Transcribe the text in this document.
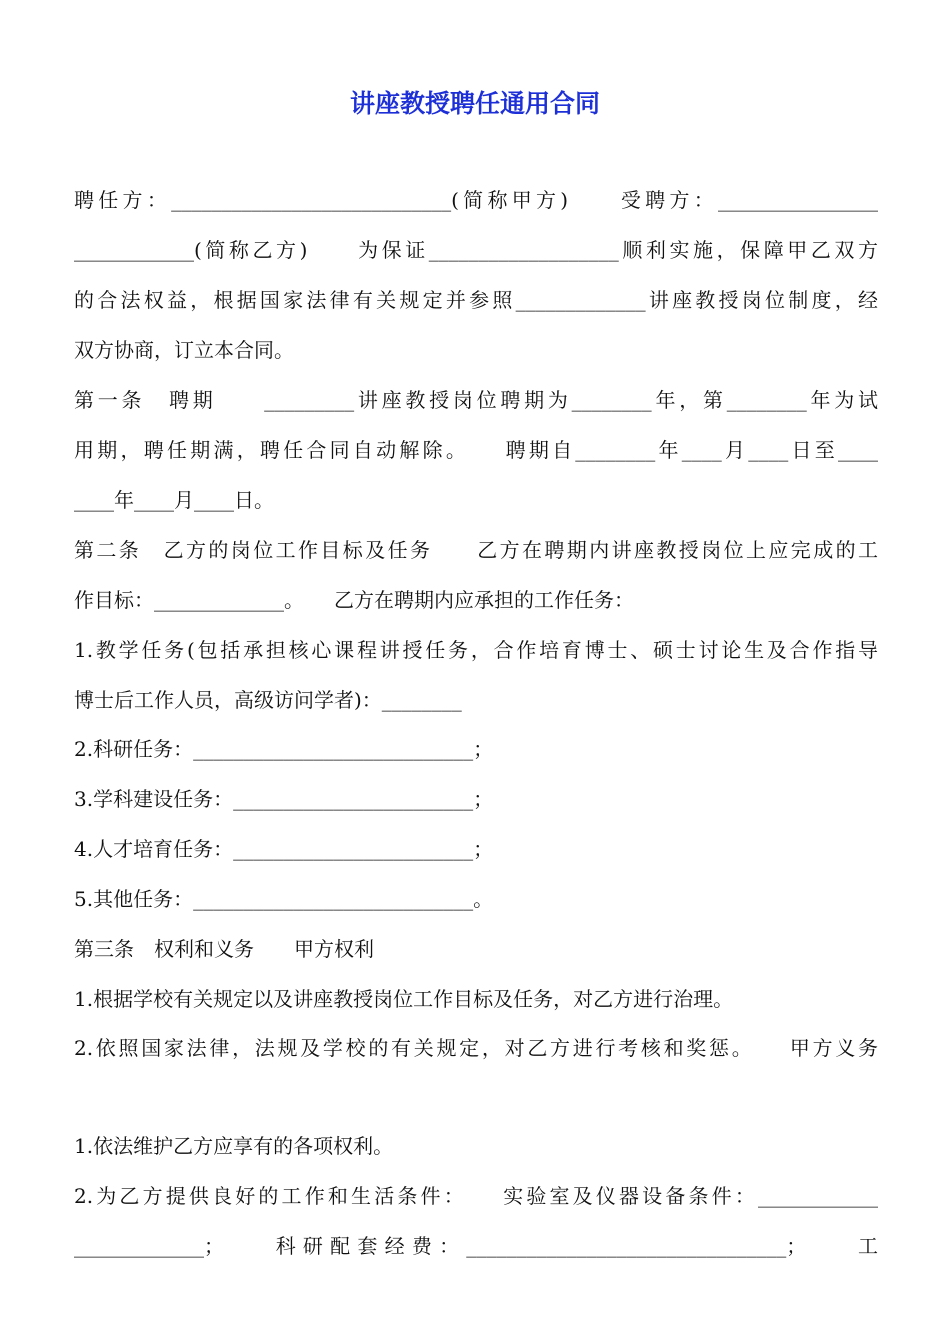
讲座教授聘任通用合同
聘任方：____________________________(简称甲方)　　受聘方：________________
____________(简称乙方)　　为保证___________________顺利实施，保障甲乙双方
的合法权益，根据国家法律有关规定并参照_____________讲座教授岗位制度，经
双方协商，订立本合同。
第一条　聘期　　_________讲座教授岗位聘期为________年，第________年为试
用期，聘任期满，聘任合同自动解除。　　聘期自________年____月____日至____
____年____月____日。
第二条　乙方的岗位工作目标及任务　　乙方在聘期内讲座教授岗位上应完成的工
作目标：_____________。　　乙方在聘期内应承担的工作任务：
1.教学任务(包括承担核心课程讲授任务，合作培育博士、硕士讨论生及合作指导
博士后工作人员，高级访问学者)：________
2.科研任务：____________________________；
3.学科建设任务：________________________；
4.人才培育任务：________________________；
5.其他任务：____________________________。
第三条　权利和义务　　甲方权利
1.根据学校有关规定以及讲座教授岗位工作目标及任务，对乙方进行治理。
2.依照国家法律，法规及学校的有关规定，对乙方进行考核和奖惩。　　甲方义务
1.依法维护乙方应享有的各项权利。
2.为乙方提供良好的工作和生活条件：　　实验室及仪器设备条件：____________
_____________；　　科研配套经费：________________________________；　　工
